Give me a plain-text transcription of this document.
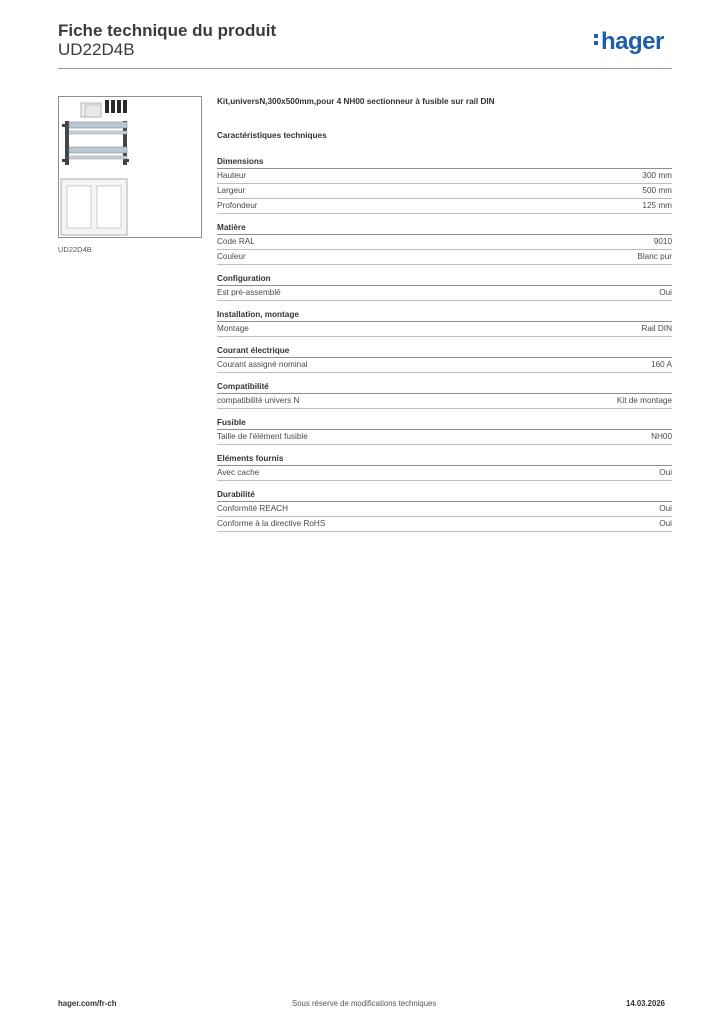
Fiche technique du produit
UD22D4B	hager
UD22D4B
Kit,universN,300x500mm,pour 4 NH00 sectionneur à fusible sur rail DIN
Caractéristiques techniques
Dimensions
Hauteur	300 mm
Largeur	500 mm
Profondeur	125 mm
Matière
Code RAL	9010
Couleur	Blanc pur
Configuration
Est pré-assemblé	Oui
Installation, montage
Montage	Rail DIN
Courant électrique
Courant assigné nominal	160 A
Compatibilité
compatibilité univers N	Kit de montage
Fusible
Taille de l'élément fusible	NH00
Eléments fournis
Avec cache	Oui
Durabilité
Conformité REACH	Oui
Conforme à la directive RoHS	Oui
hager.com/fr-ch	Sous réserve de modifications techniques	14.03.2026
